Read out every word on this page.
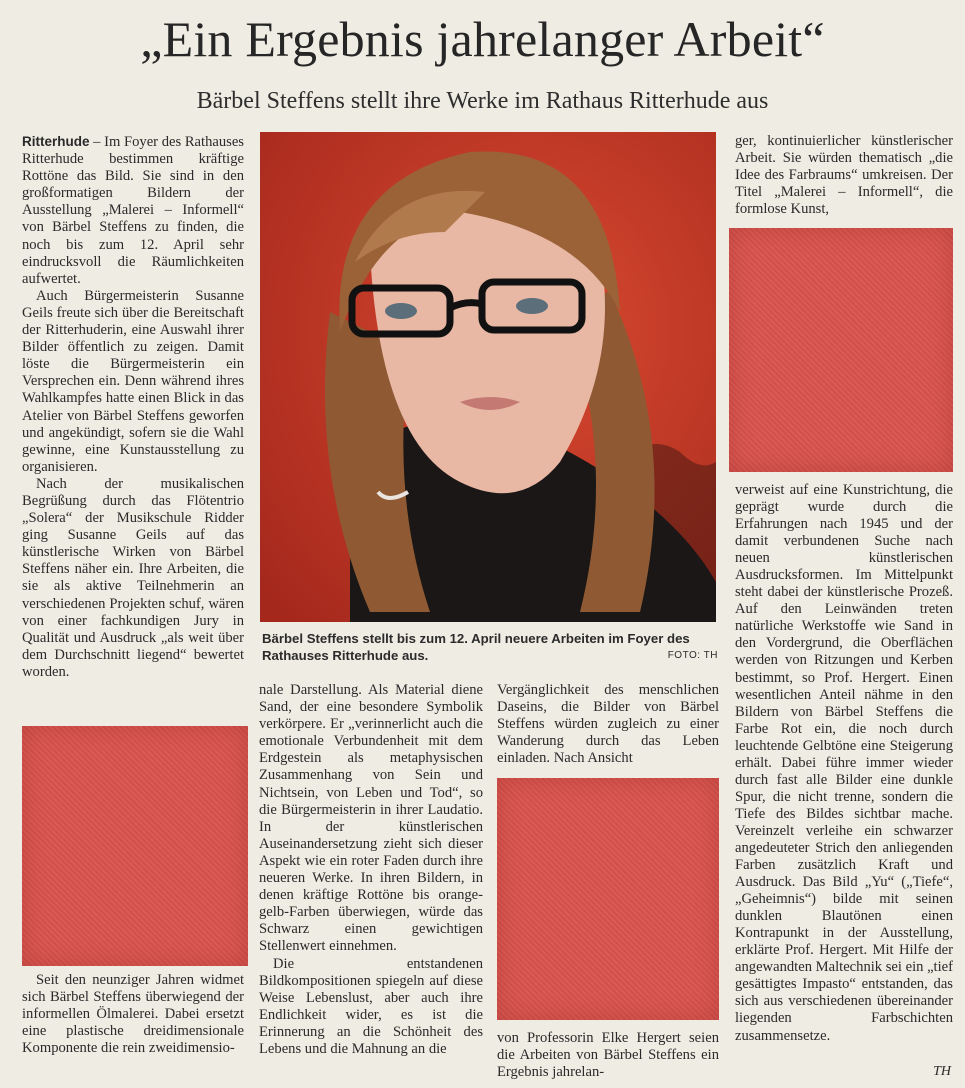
„Ein Ergebnis jahrelanger Arbeit“
Bärbel Steffens stellt ihre Werke im Rathaus Ritterhude aus

Ritterhude – Im Foyer des Rathauses Ritterhude bestimmen kräftige Rottöne das Bild. Sie sind in den großformatigen Bildern der Ausstellung „Malerei – Informell“ von Bärbel Steffens zu finden, die noch bis zum 12. April sehr eindrucksvoll die Räumlichkeiten aufwertet.

Auch Bürgermeisterin Susanne Geils freute sich über die Bereitschaft der Ritterhuderin, eine Auswahl ihrer Bilder öffentlich zu zeigen. Damit löste die Bürgermeisterin ein Versprechen ein. Denn während ihres Wahlkampfes hatte einen Blick in das Atelier von Bärbel Steffens geworfen und angekündigt, sofern sie die Wahl gewinne, eine Kunstausstellung zu organisieren.

Nach der musikalischen Begrüßung durch das Flötentrio „Solera“ der Musikschule Ridder ging Susanne Geils auf das künstlerische Wirken von Bärbel Steffens näher ein. Ihre Arbeiten, die sie als aktive Teilnehmerin an verschiedenen Projekten schuf, wären von einer fachkundigen Jury in Qualität und Ausdruck „als weit über dem Durchschnitt liegend“ bewertet worden.

Seit den neunziger Jahren widmet sich Bärbel Steffens überwiegend der informellen Ölmalerei. Dabei ersetzt eine plastische dreidimensionale Komponente die rein zweidimensio-

Bärbel Steffens stellt bis zum 12. April neuere Arbeiten im Foyer des Rathauses Ritterhude aus.	FOTO: TH

nale Darstellung. Als Material diene Sand, der eine besondere Symbolik verkörpere. Er „verinnerlicht auch die emotionale Verbundenheit mit dem Erdgestein als metaphysischen Zusammenhang von Sein und Nichtsein, von Leben und Tod“, so die Bürgermeisterin in ihrer Laudatio. In der künstlerischen Auseinandersetzung zieht sich dieser Aspekt wie ein roter Faden durch ihre neueren Werke. In ihren Bildern, in denen kräftige Rottöne bis orange-gelb-Farben überwiegen, würde das Schwarz einen gewichtigen Stellenwert einnehmen.

Die entstandenen Bildkompositionen spiegeln auf diese Weise Lebenslust, aber auch ihre Endlichkeit wider, es ist die Erinnerung an die Schönheit des Lebens und die Mahnung an die

Vergänglichkeit des menschlichen Daseins, die Bilder von Bärbel Steffens würden zugleich zu einer Wanderung durch das Leben einladen. Nach Ansicht

von Professorin Elke Hergert seien die Arbeiten von Bärbel Steffens ein Ergebnis jahrelan-

ger, kontinuierlicher künstlerischer Arbeit. Sie würden thematisch „die Idee des Farbraums“ umkreisen. Der Titel „Malerei – Informell“, die formlose Kunst,

verweist auf eine Kunstrichtung, die geprägt wurde durch die Erfahrungen nach 1945 und der damit verbundenen Suche nach neuen künstlerischen Ausdrucksformen. Im Mittelpunkt steht dabei der künstlerische Prozeß. Auf den Leinwänden treten natürliche Werkstoffe wie Sand in den Vordergrund, die Oberflächen werden von Ritzungen und Kerben bestimmt, so Prof. Hergert. Einen wesentlichen Anteil nähme in den Bildern von Bärbel Steffens die Farbe Rot ein, die noch durch leuchtende Gelbtöne eine Steigerung erhält. Dabei führe immer wieder durch fast alle Bilder eine dunkle Spur, die nicht trenne, sondern die Tiefe des Bildes sichtbar mache. Vereinzelt verleihe ein schwarzer angedeuteter Strich den anliegenden Farben zusätzlich Kraft und Ausdruck. Das Bild „Yu“ („Tiefe“, „Geheimnis“) bilde mit seinen dunklen Blautönen einen Kontrapunkt in der Ausstellung, erklärte Prof. Hergert. Mit Hilfe der angewandten Maltechnik sei ein „tief gesättigtes Impasto“ entstanden, das sich aus verschiedenen übereinander liegenden Farbschichten zusammensetze.

TH
